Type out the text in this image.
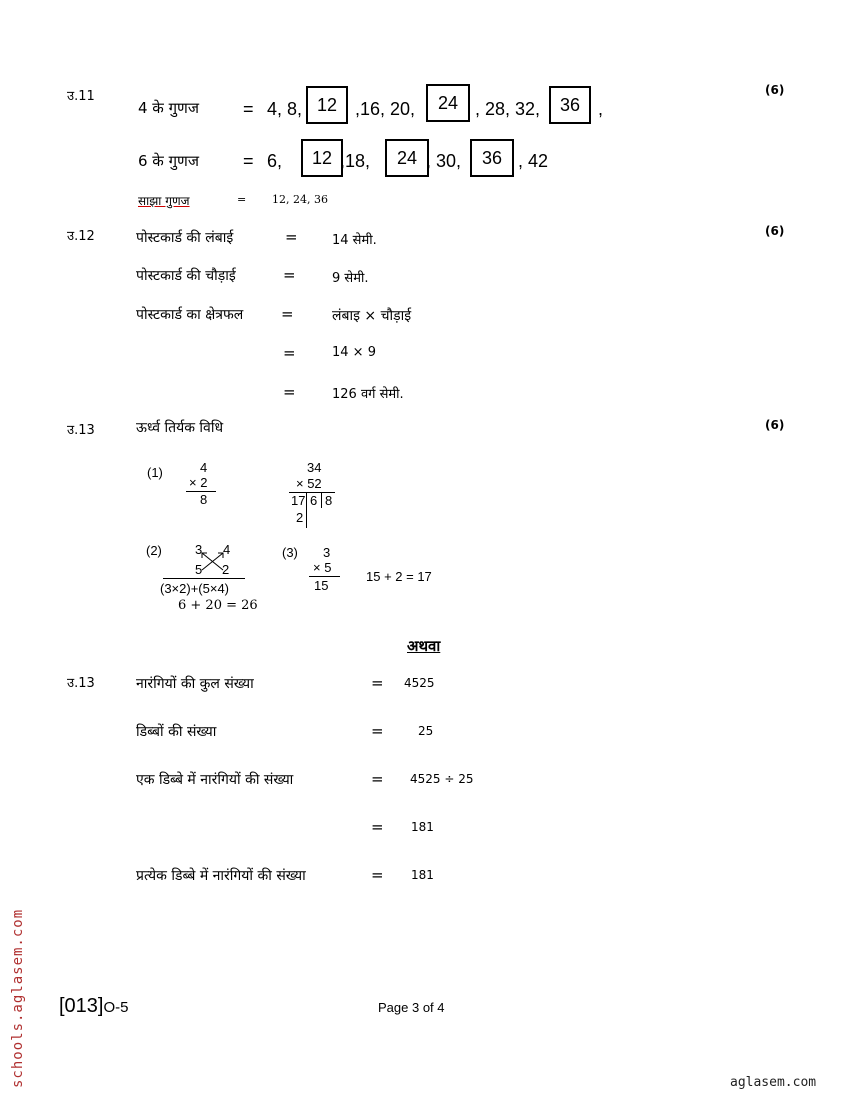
उ.11	(6)
4 के गुणज = 4, 8, 12 ,16, 20,	24 , 28, 32,	36 ,
6 के गुणज = 6,	12 ,18,	24 , 30,	36 , 42
साझा गुणज	= 12, 24, 36
उ.12	(6)
पोस्टकार्ड की लंबाई	=	14 सेमी.
पोस्टकार्ड की चौड़ाई	=	9 सेमी.
पोस्टकार्ड का क्षेत्रफल	=	लंबाइ × चौड़ाई
=	14 × 9
=	126 वर्ग सेमी.
उ.13	(6)
ऊर्ध्व तिर्यक विधि
(1)	4
× 2
8
34
× 52
17 6 8
2
(2)	3 4
5 2
(3×2)+(5×4)
6 + 20 = 26
(3) 3
× 5
15
15 + 2 = 17
अथवा
उ.13	नारंगियों की कुल संख्या	= 4525
डिब्बों की संख्या	=	25
एक डिब्बे में नारंगियों की संख्या	= 4525 ÷ 25
= 181
प्रत्येक डिब्बे में नारंगियों की संख्या	= 181
[013]O-5	Page 3 of 4
schools.aglasem.com	aglasem.com
